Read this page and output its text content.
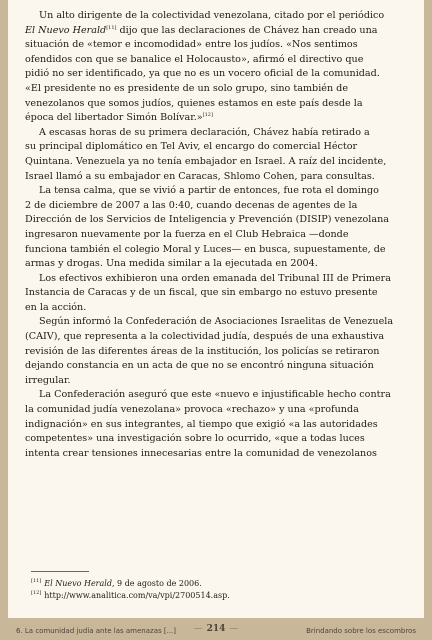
Un alto dirigente de la colectividad venezolana, citado por el periódico
El Nuevo Herald[11] dijo que las declaraciones de Chávez han creado una
situación de «temor e incomodidad» entre los judíos. «Nos sentimos
ofendidos con que se banalice el Holocausto», afirmó el directivo que
pidió no ser identificado, ya que no es un vocero oficial de la comunidad.
«El presidente no es presidente de un solo grupo, sino también de
venezolanos que somos judíos, quienes estamos en este país desde la
época del libertador Simón Bolívar.»[12]

A escasas horas de su primera declaración, Chávez había retirado a
su principal diplomático en Tel Aviv, el encargo do comercial Héctor
Quintana. Venezuela ya no tenía embajador en Israel. A raíz del incidente,
Israel llamó a su embajador en Caracas, Shlomo Cohen, para consultas.

La tensa calma, que se vivió a partir de entonces, fue rota el domingo
2 de diciembre de 2007 a las 0:40, cuando decenas de agentes de la
Dirección de los Servicios de Inteligencia y Prevención (DISIP) venezolana
ingresaron nuevamente por la fuerza en el Club Hebraica —donde
funciona también el colegio Moral y Luces— en busca, supuestamente, de
armas y drogas. Una medida similar a la ejecutada en 2004.

Los efectivos exhibieron una orden emanada del Tribunal III de Primera
Instancia de Caracas y de un fiscal, que sin embargo no estuvo presente
en la acción.

Según informó la Confederación de Asociaciones Israelitas de Venezuela
(CAIV), que representa a la colectividad judía, después de una exhaustiva
revisión de las diferentes áreas de la institución, los policías se retiraron
dejando constancia en un acta de que no se encontró ninguna situación
irregular.

La Confederación aseguró que este «nuevo e injustificable hecho contra
la comunidad judía venezolana» provoca «rechazo» y una «profunda
indignación» en sus integrantes, al tiempo que exigió «a las autoridades
competentes» una investigación sobre lo ocurrido, «que a todas luces
intenta crear tensiones innecesarias entre la comunidad de venezolanos

[11] El Nuevo Herald, 9 de agosto de 2006.
[12] http://www.analitica.com/va/vpi/2700514.asp.
6. La comunidad judía ante las amenazas [...]	— 214 —	Brindando sobre los escombros
